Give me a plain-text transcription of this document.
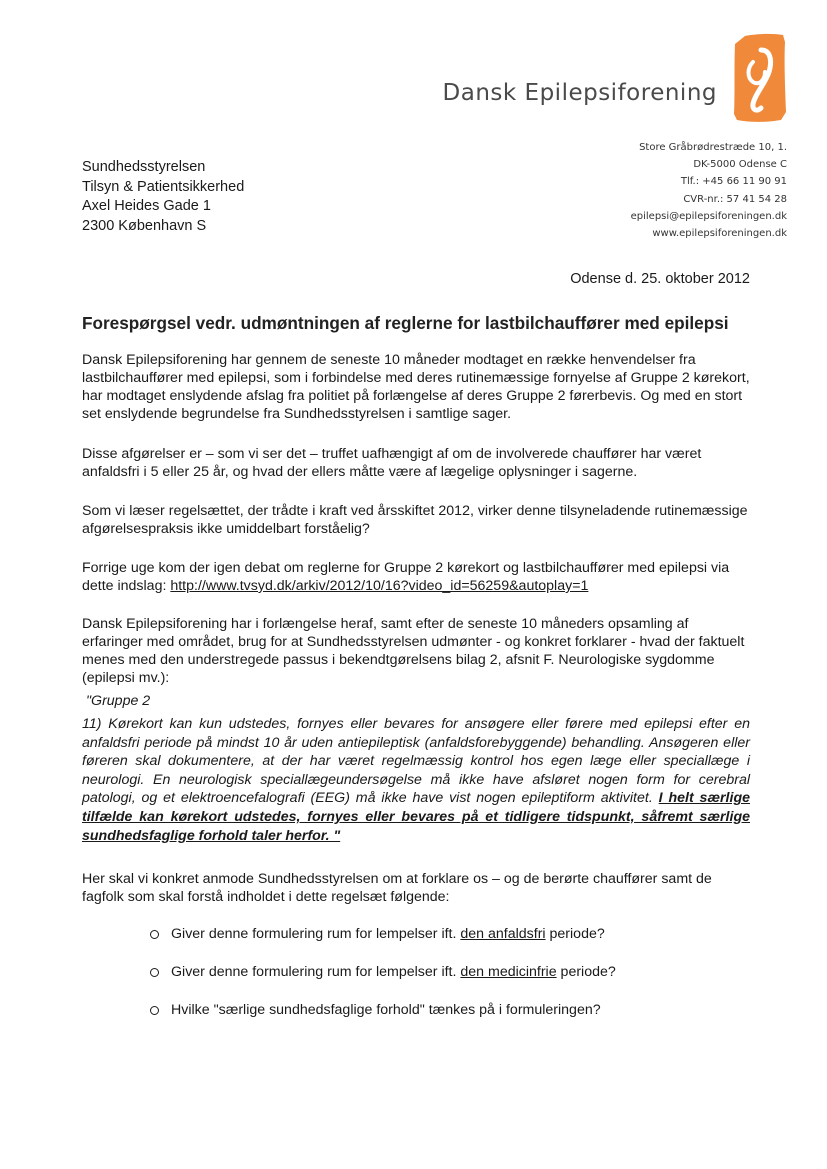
Dansk Epilepsiforening
Store Gråbrødrestræde 10, 1.
DK-5000 Odense C
Tlf.: +45 66 11 90 91
CVR-nr.: 57 41 54 28
epilepsi@epilepsiforeningen.dk
www.epilepsiforeningen.dk
Sundhedsstyrelsen
Tilsyn & Patientsikkerhed
Axel Heides Gade 1
2300 København S
Odense d. 25. oktober 2012
Forespørgsel vedr. udmøntningen af reglerne for lastbilchauffører med epilepsi
Dansk Epilepsiforening har gennem de seneste 10 måneder modtaget en række henvendelser fra lastbilchauffører med epilepsi, som i forbindelse med deres rutinemæssige fornyelse af Gruppe 2 kørekort, har modtaget enslydende afslag fra politiet på forlængelse af deres Gruppe 2 førerbevis. Og med en stort set enslydende begrundelse fra Sundhedsstyrelsen i samtlige sager.
Disse afgørelser er – som vi ser det – truffet uafhængigt af om de involverede chauffører har været anfaldsfri i 5 eller 25 år, og hvad der ellers måtte være af lægelige oplysninger i sagerne.
Som vi læser regelsættet, der trådte i kraft ved årsskiftet 2012, virker denne tilsyneladende rutinemæssige afgørelsespraksis ikke umiddelbart forståelig?
Forrige uge kom der igen debat om reglerne for Gruppe 2 kørekort og lastbilchauffører med epilepsi via dette indslag: http://www.tvsyd.dk/arkiv/2012/10/16?video_id=56259&autoplay=1
Dansk Epilepsiforening har i forlængelse heraf, samt efter de seneste 10 måneders opsamling af erfaringer med området, brug for at Sundhedsstyrelsen udmønter - og konkret forklarer - hvad der faktuelt menes med den understregede passus i bekendtgørelsens bilag 2, afsnit F. Neurologiske sygdomme (epilepsi mv.):
"Gruppe 2
11) Kørekort kan kun udstedes, fornyes eller bevares for ansøgere eller førere med epilepsi efter en anfaldsfri periode på mindst 10 år uden antiepileptisk (anfaldsforebyggende) behandling. Ansøgeren eller føreren skal dokumentere, at der har været regelmæssig kontrol hos egen læge eller speciallæge i neurologi. En neurologisk speciallægeundersøgelse må ikke have afsløret nogen form for cerebral patologi, og et elektroencefalografi (EEG) må ikke have vist nogen epileptiform aktivitet. I helt særlige tilfælde kan kørekort udstedes, fornyes eller bevares på et tidligere tidspunkt, såfremt særlige sundhedsfaglige forhold taler herfor. "
Her skal vi konkret anmode Sundhedsstyrelsen om at forklare os – og de berørte chauffører samt de fagfolk som skal forstå indholdet i dette regelsæt følgende:
Giver denne formulering rum for lempelser ift. den anfaldsfri periode?
Giver denne formulering rum for lempelser ift. den medicinfrie periode?
Hvilke "særlige sundhedsfaglige forhold" tænkes på i formuleringen?
